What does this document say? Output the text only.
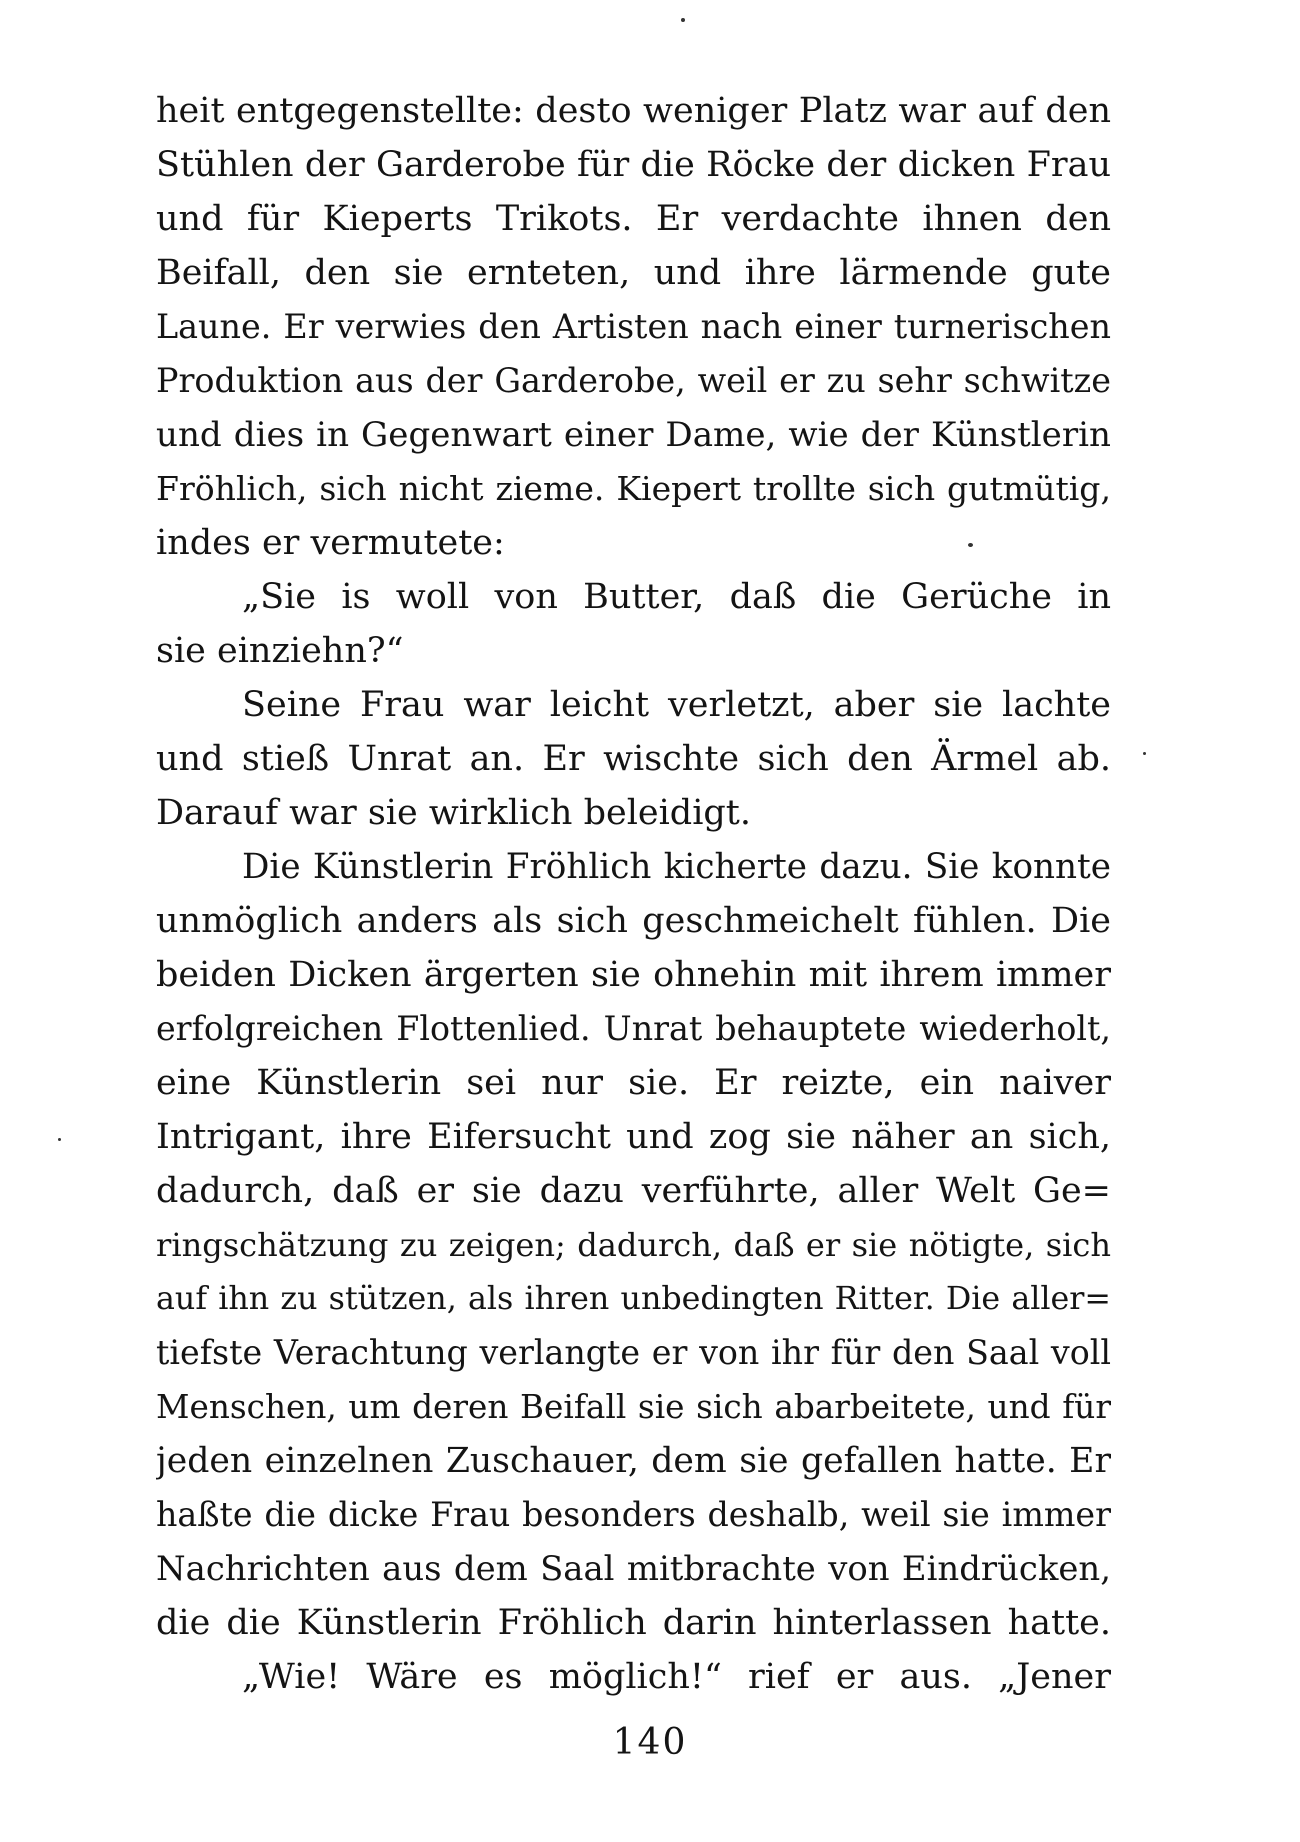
heit entgegenstellte: desto weniger Platz war auf den
Stühlen der Garderobe für die Röcke der dicken Frau
und für Kieperts Trikots. Er verdachte ihnen den
Beifall, den sie ernteten, und ihre lärmende gute
Laune. Er verwies den Artisten nach einer turnerischen
Produktion aus der Garderobe, weil er zu sehr schwitze
und dies in Gegenwart einer Dame, wie der Künstlerin
Fröhlich, sich nicht zieme. Kiepert trollte sich gutmütig,
indes er vermutete:
„Sie is woll von Butter, daß die Gerüche in
sie einziehn?“
Seine Frau war leicht verletzt, aber sie lachte
und stieß Unrat an. Er wischte sich den Ärmel ab.
Darauf war sie wirklich beleidigt.
Die Künstlerin Fröhlich kicherte dazu. Sie konnte
unmöglich anders als sich geschmeichelt fühlen. Die
beiden Dicken ärgerten sie ohnehin mit ihrem immer
erfolgreichen Flottenlied. Unrat behauptete wiederholt,
eine Künstlerin sei nur sie. Er reizte, ein naiver
Intrigant, ihre Eifersucht und zog sie näher an sich,
dadurch, daß er sie dazu verführte, aller Welt Ge=
ringschätzung zu zeigen; dadurch, daß er sie nötigte, sich
auf ihn zu stützen, als ihren unbedingten Ritter. Die aller=
tiefste Verachtung verlangte er von ihr für den Saal voll
Menschen, um deren Beifall sie sich abarbeitete, und für
jeden einzelnen Zuschauer, dem sie gefallen hatte. Er
haßte die dicke Frau besonders deshalb, weil sie immer
Nachrichten aus dem Saal mitbrachte von Eindrücken,
die die Künstlerin Fröhlich darin hinterlassen hatte.
„Wie! Wäre es möglich!“ rief er aus. „Jener
140
